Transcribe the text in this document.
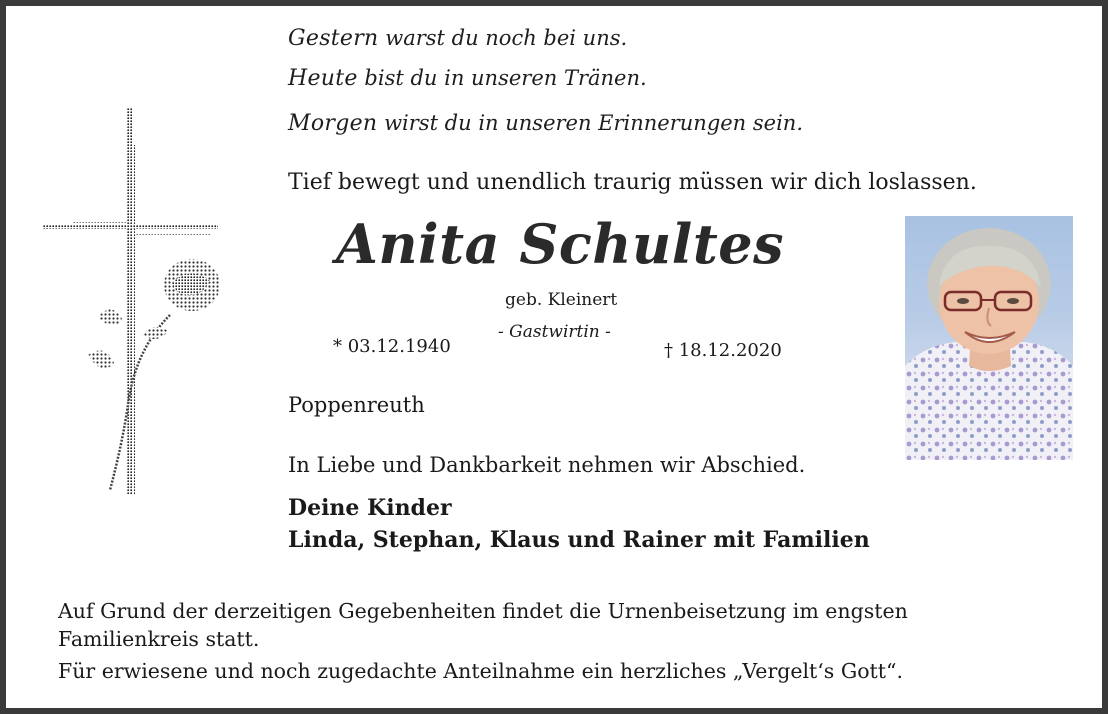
Gestern warst du noch bei uns.
Heute bist du in unseren Tränen.
Morgen wirst du in unseren Erinnerungen sein.
Tief bewegt und unendlich traurig müssen wir dich loslassen.
Anita Schultes
geb. Kleinert
- Gastwirtin -
* 03.12.1940	† 18.12.2020
Poppenreuth
In Liebe und Dankbarkeit nehmen wir Abschied.
Deine Kinder
Linda, Stephan, Klaus und Rainer mit Familien
Auf Grund der derzeitigen Gegebenheiten findet die Urnenbeisetzung im engsten
Familienkreis statt.
Für erwiesene und noch zugedachte Anteilnahme ein herzliches „Vergelt‘s Gott“.
